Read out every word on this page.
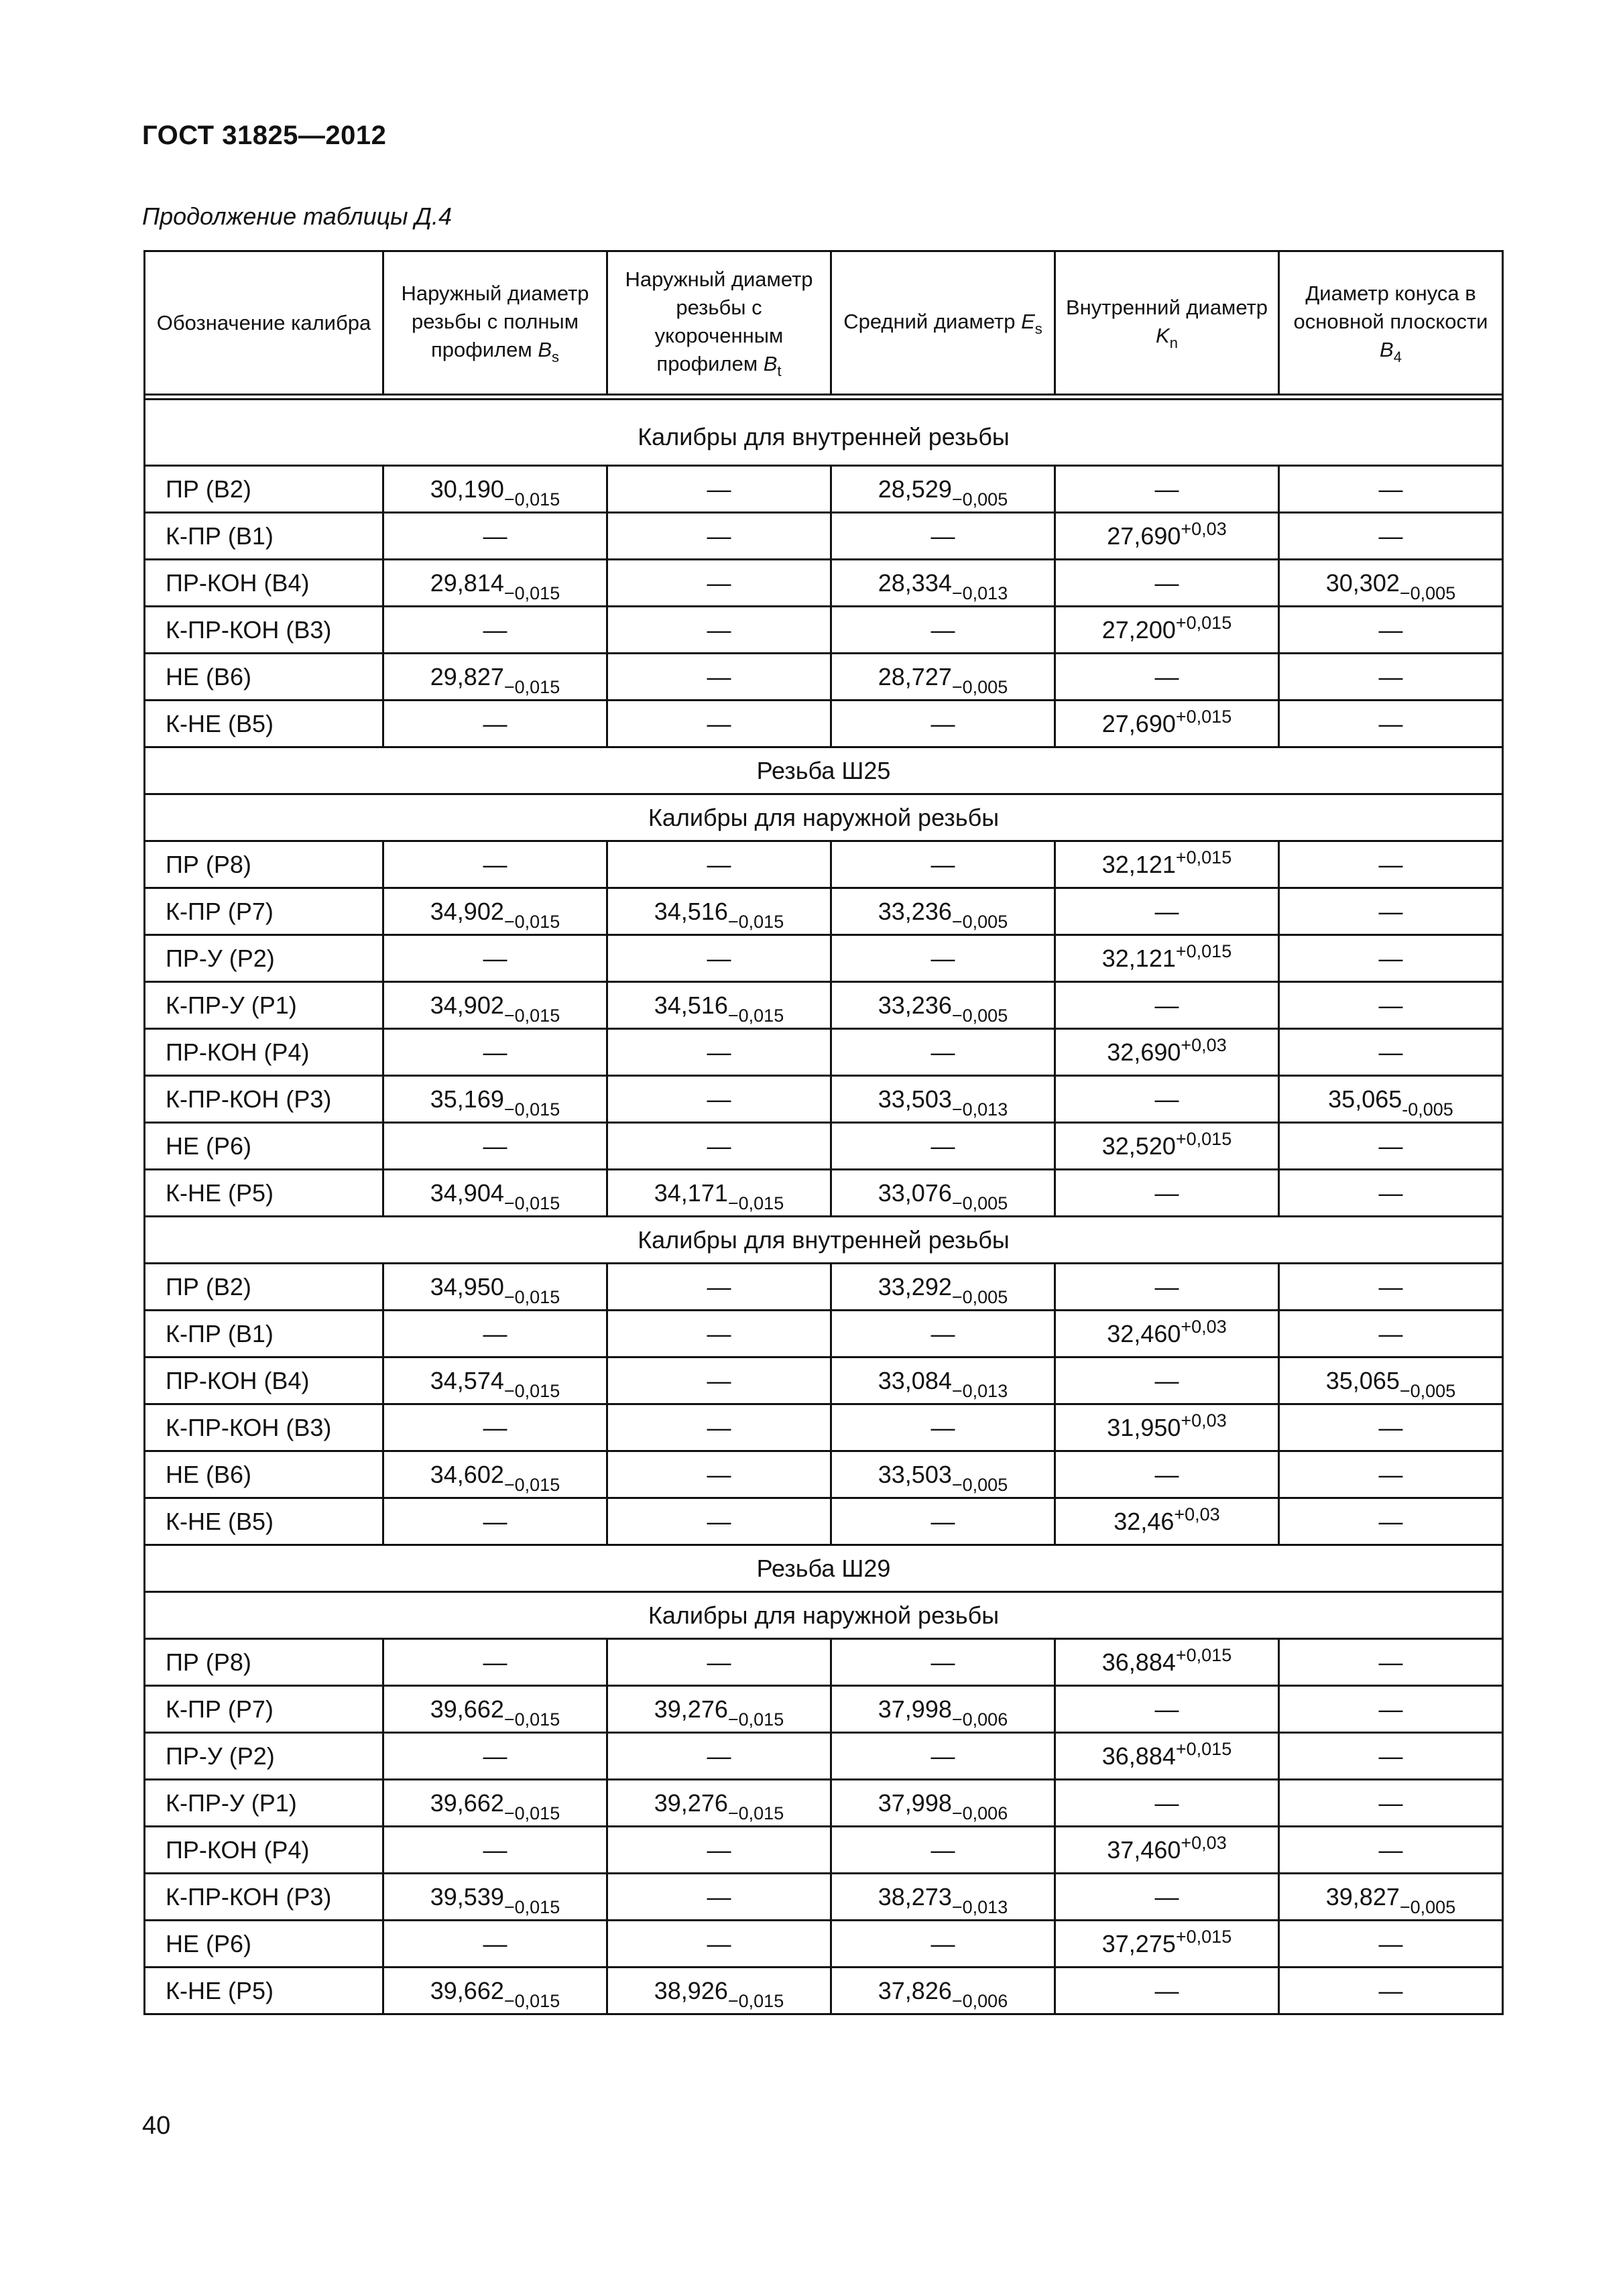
ГОСТ 31825—2012
Продолжение таблицы Д.4
Обозначение калибра	Наружный диаметр резьбы с полным профилем $B_s$	Наружный диаметр резьбы с укороченным профилем $B_t$	Средний диаметр $E_s$	Внутренний диаметр $K_n$	Диаметр конуса в основной плоскости $B_4$

Калибры для внутренней резьбы					
ПР (В2)	$30,190_{-0,015}$	—	$28,529_{-0,005}$	—	—
К-ПР (В1)	—	—	—	$27,690^{+0,03}$	—
ПР-КОН (В4)	$29,814_{-0,015}$	—	$28,334_{-0,013}$	—	$30,302_{-0,005}$
К-ПР-КОН (В3)	—	—	—	$27,200^{+0,015}$	—
НЕ (В6)	$29,827_{-0,015}$	—	$28,727_{-0,005}$	—	—
К-НЕ (В5)	—	—	—	$27,690^{+0,015}$	—
Резьба Ш25					
Калибры для наружной резьбы					
ПР (Р8)	—	—	—	$32,121^{+0,015}$	—
К-ПР (Р7)	$34,902_{-0,015}$	$34,516_{-0,015}$	$33,236_{-0,005}$	—	—
ПР-У (Р2)	—	—	—	$32,121^{+0,015}$	—
К-ПР-У (Р1)	$34,902_{-0,015}$	$34,516_{-0,015}$	$33,236_{-0,005}$	—	—
ПР-КОН (Р4)	—	—	—	$32,690^{+0,03}$	—
К-ПР-КОН (Р3)	$35,169_{-0,015}$	—	$33,503_{-0,013}$	—	$35,065_{-0,005}$
НЕ (Р6)	—	—	—	$32,520^{+0,015}$	—
К-НЕ (Р5)	$34,904_{-0,015}$	$34,171_{-0,015}$	$33,076_{-0,005}$	—	—
Калибры для внутренней резьбы					
ПР (В2)	$34,950_{-0,015}$	—	$33,292_{-0,005}$	—	—
К-ПР (В1)	—	—	—	$32,460^{+0,03}$	—
ПР-КОН (В4)	$34,574_{-0,015}$	—	$33,084_{-0,013}$	—	$35,065_{-0,005}$
К-ПР-КОН (В3)	—	—	—	$31,950^{+0,03}$	—
НЕ (В6)	$34,602_{-0,015}$	—	$33,503_{-0,005}$	—	—
К-НЕ (В5)	—	—	—	$32,46^{+0,03}$	—
Резьба Ш29					
Калибры для наружной резьбы					
ПР (Р8)	—	—	—	$36,884^{+0,015}$	—
К-ПР (Р7)	$39,662_{-0,015}$	$39,276_{-0,015}$	$37,998_{-0,006}$	—	—
ПР-У (Р2)	—	—	—	$36,884^{+0,015}$	—
К-ПР-У (Р1)	$39,662_{-0,015}$	$39,276_{-0,015}$	$37,998_{-0,006}$	—	—
ПР-КОН (Р4)	—	—	—	$37,460^{+0,03}$	—
К-ПР-КОН (Р3)	$39,539_{-0,015}$	—	$38,273_{-0,013}$	—	$39,827_{-0,005}$
НЕ (Р6)	—	—	—	$37,275^{+0,015}$	—
К-НЕ (Р5)	$39,662_{-0,015}$	$38,926_{-0,015}$	$37,826_{-0,006}$	—	—
40
